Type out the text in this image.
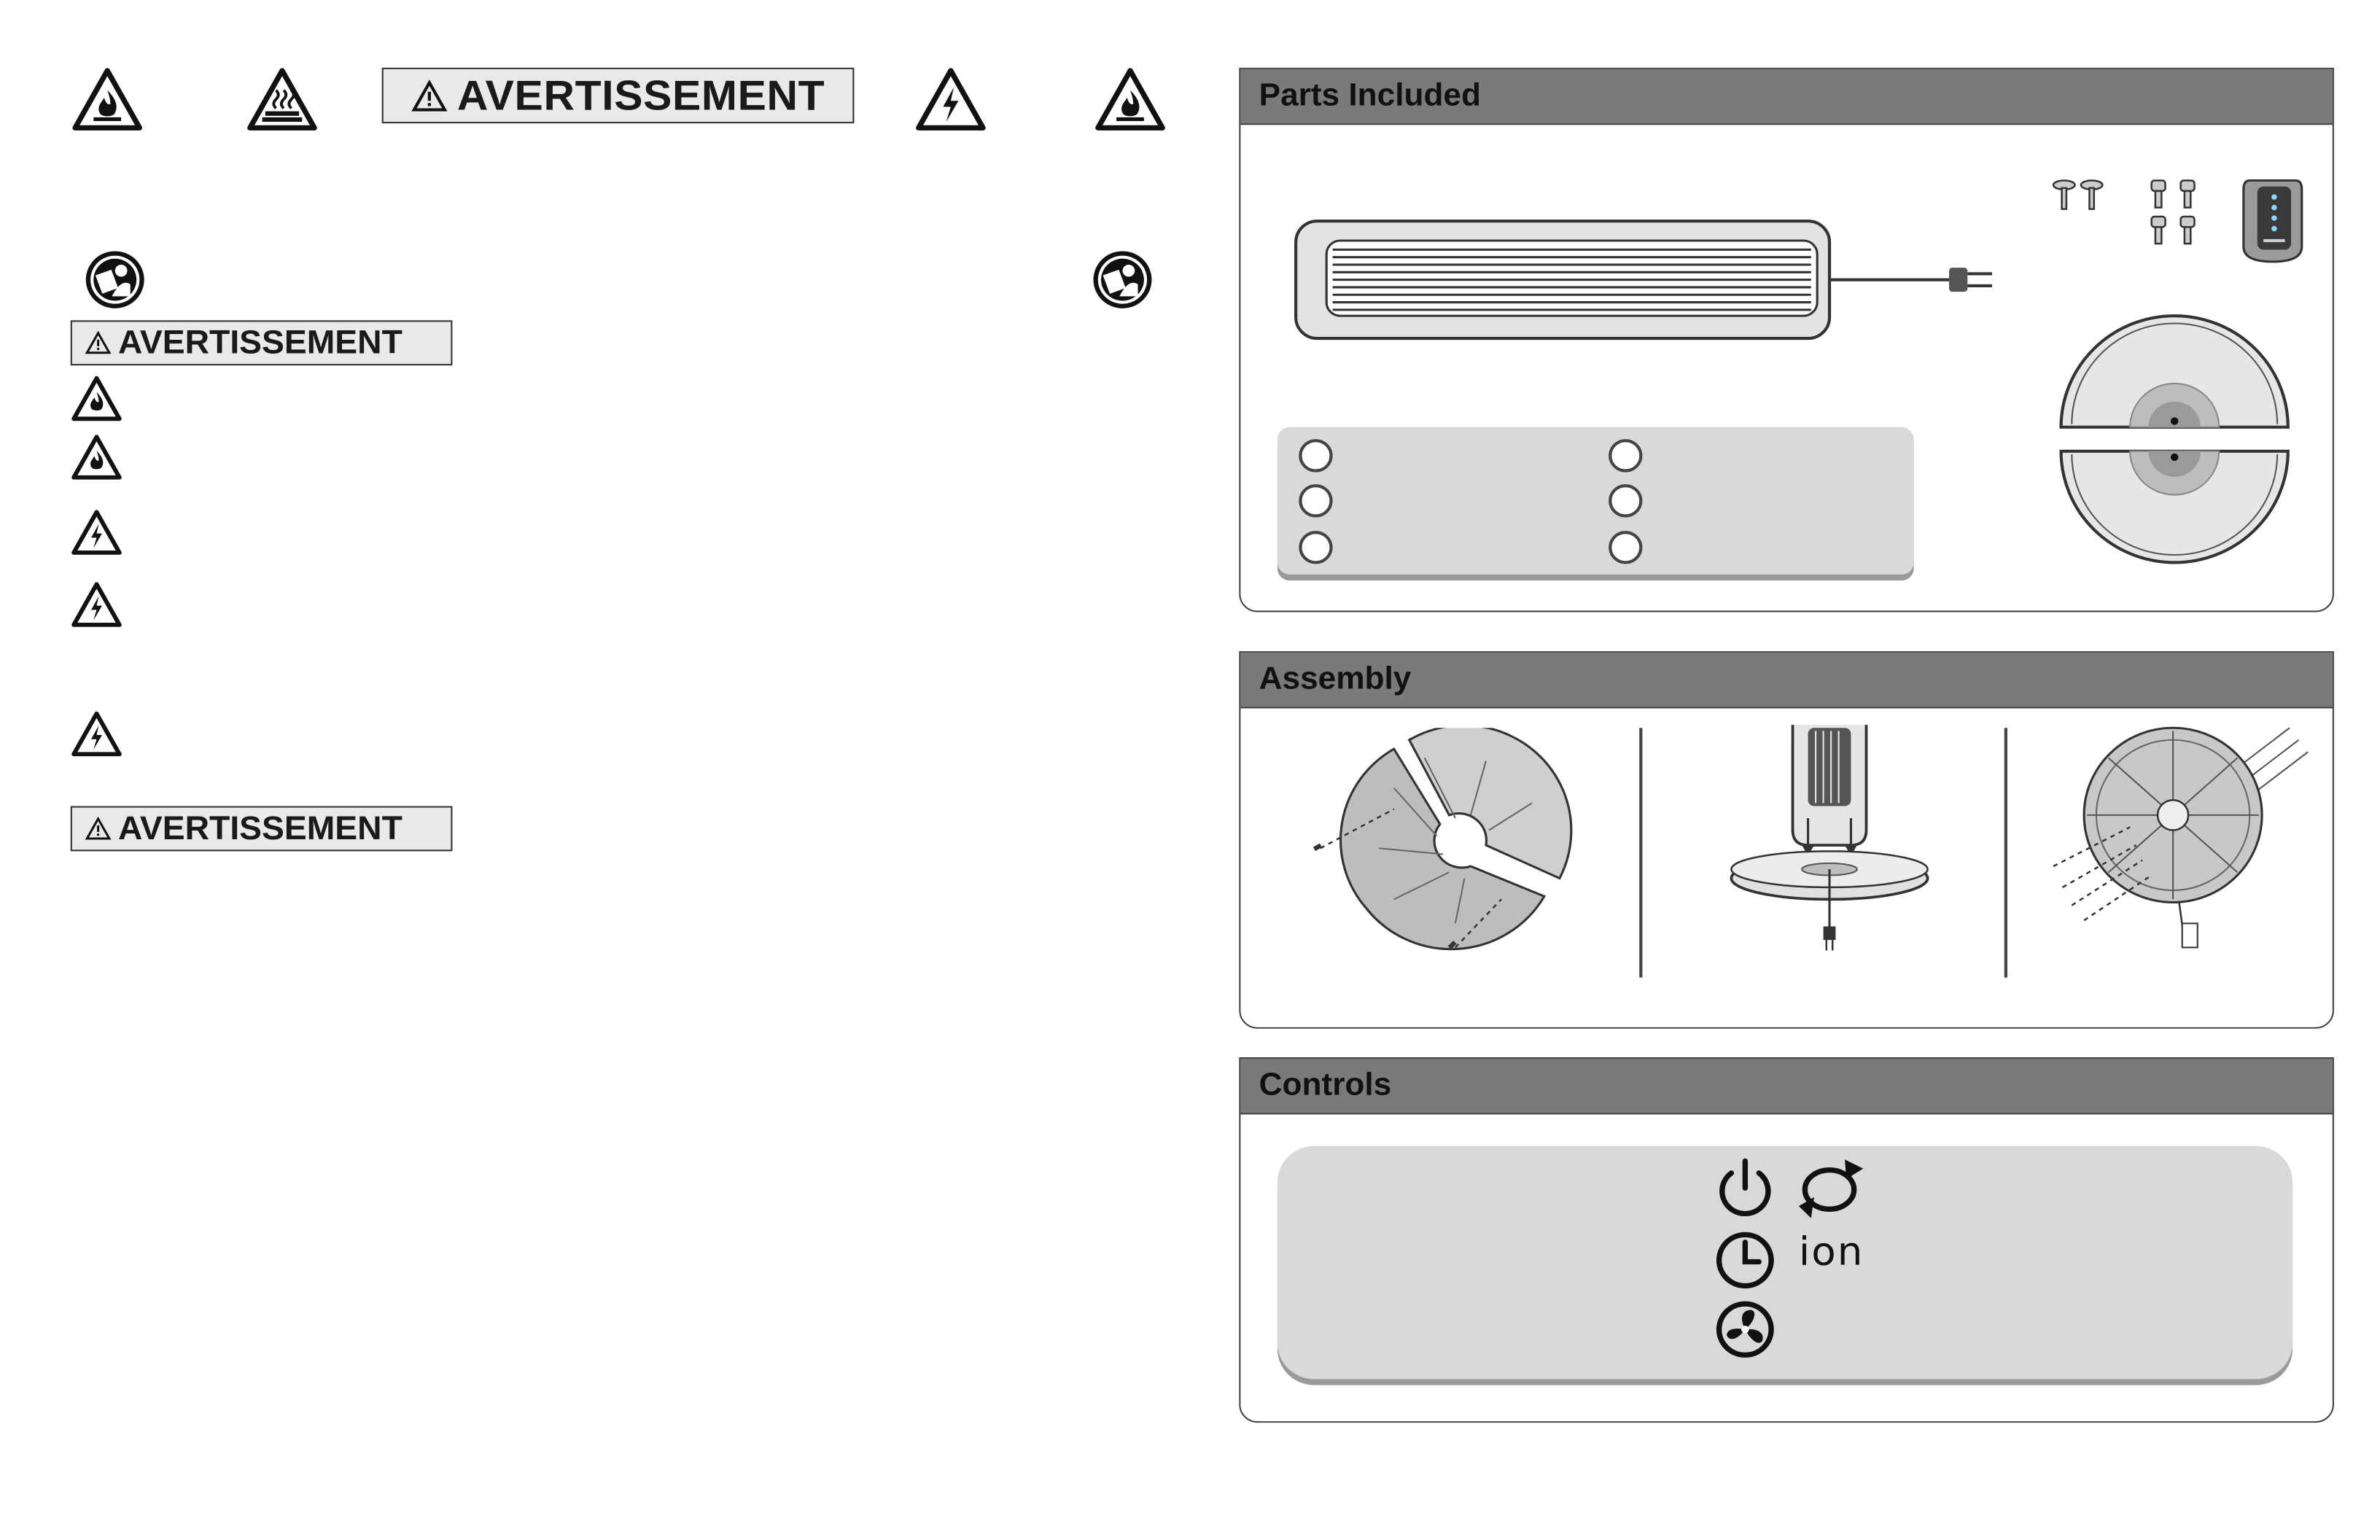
AVERTISSEMENT
AVERTISSEMENT
AVERTISSEMENT
Parts Included
Assembly
Controls
ion
